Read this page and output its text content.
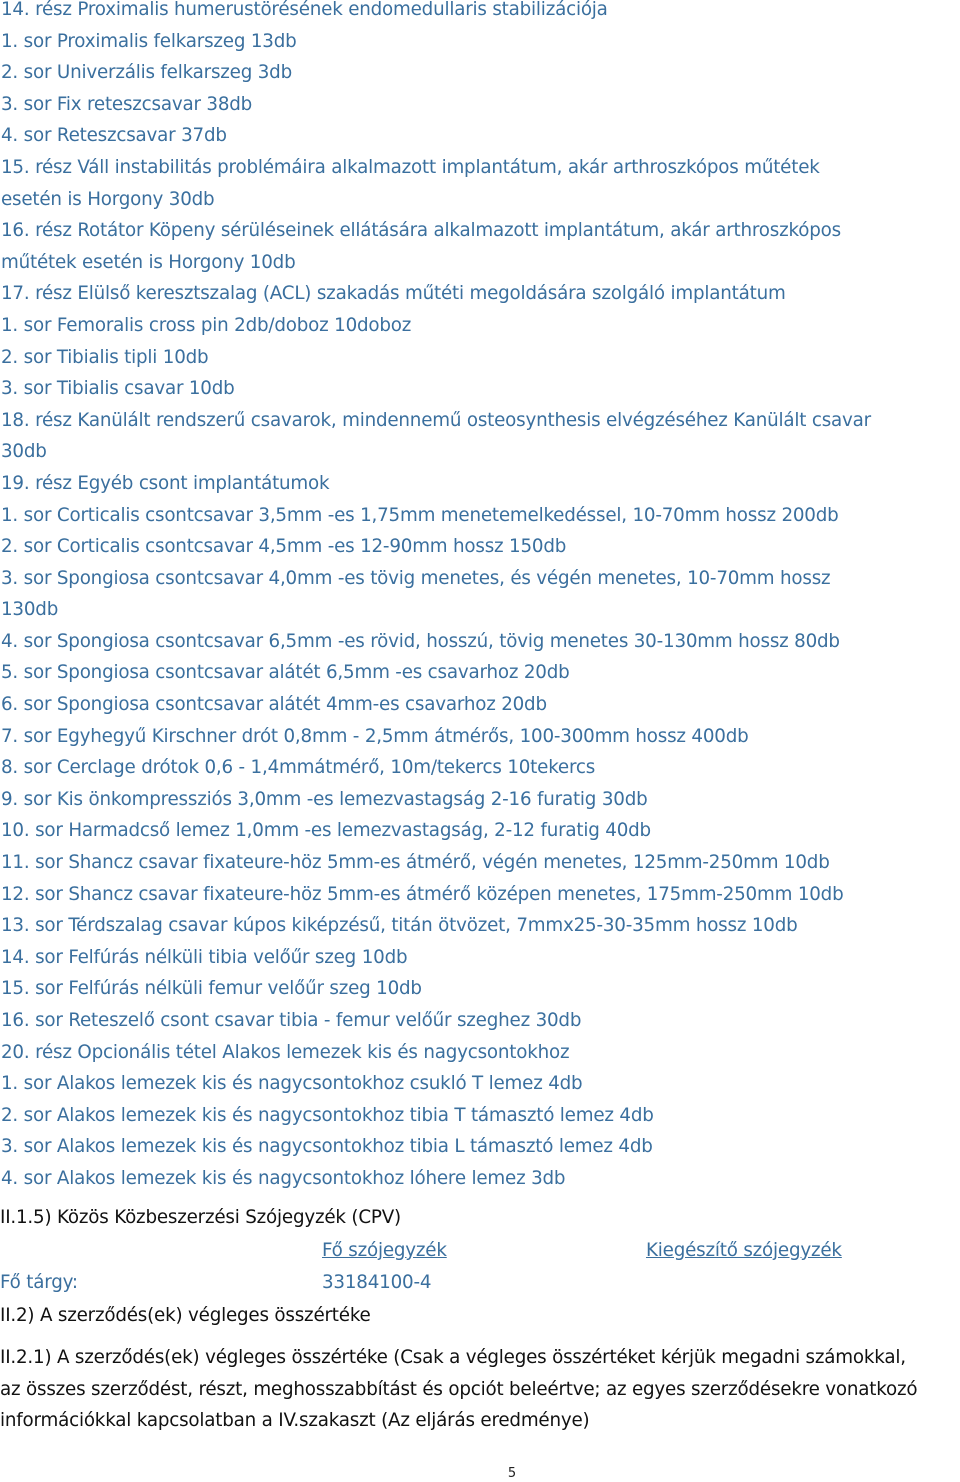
14. rész Proximalis humerustörésének endomedullaris stabilizációja
1. sor Proximalis felkarszeg 13db
2. sor Univerzális felkarszeg 3db
3. sor Fix reteszcsavar 38db
4. sor Reteszcsavar 37db
15. rész Váll instabilitás problémáira alkalmazott implantátum, akár arthroszkópos műtétek
esetén is Horgony 30db
16. rész Rotátor Köpeny sérüléseinek ellátására alkalmazott implantátum, akár arthroszkópos
műtétek esetén is Horgony 10db
17. rész Elülső keresztszalag (ACL) szakadás műtéti megoldására szolgáló implantátum
1. sor Femoralis cross pin 2db/doboz 10doboz
2. sor Tibialis tipli 10db
3. sor Tibialis csavar 10db
18. rész Kanülált rendszerű csavarok, mindennemű osteosynthesis elvégzéséhez Kanülált csavar
30db
19. rész Egyéb csont implantátumok
1. sor Corticalis csontcsavar 3,5mm -es 1,75mm menetemelkedéssel, 10-70mm hossz 200db
2. sor Corticalis csontcsavar 4,5mm -es 12-90mm hossz 150db
3. sor Spongiosa csontcsavar 4,0mm -es tövig menetes, és végén menetes, 10-70mm hossz
130db
4. sor Spongiosa csontcsavar 6,5mm -es rövid, hosszú, tövig menetes 30-130mm hossz 80db
5. sor Spongiosa csontcsavar alátét 6,5mm -es csavarhoz 20db
6. sor Spongiosa csontcsavar alátét 4mm-es csavarhoz 20db
7. sor Egyhegyű Kirschner drót 0,8mm - 2,5mm átmérős, 100-300mm hossz 400db
8. sor Cerclage drótok 0,6 - 1,4mmátmérő, 10m/tekercs 10tekercs
9. sor Kis önkompressziós 3,0mm -es lemezvastagság 2-16 furatig 30db
10. sor Harmadcső lemez 1,0mm -es lemezvastagság, 2-12 furatig 40db
11. sor Shancz csavar fixateure-höz 5mm-es átmérő, végén menetes, 125mm-250mm 10db
12. sor Shancz csavar fixateure-höz 5mm-es átmérő középen menetes, 175mm-250mm 10db
13. sor Térdszalag csavar kúpos kiképzésű, titán ötvözet, 7mmx25-30-35mm hossz 10db
14. sor Felfúrás nélküli tibia velőűr szeg 10db
15. sor Felfúrás nélküli femur velőűr szeg 10db
16. sor Reteszelő csont csavar tibia - femur velőűr szeghez 30db
20. rész Opcionális tétel Alakos lemezek kis és nagycsontokhoz
1. sor Alakos lemezek kis és nagycsontokhoz csukló T lemez 4db
2. sor Alakos lemezek kis és nagycsontokhoz tibia T támasztó lemez 4db
3. sor Alakos lemezek kis és nagycsontokhoz tibia L támasztó lemez 4db
4. sor Alakos lemezek kis és nagycsontokhoz lóhere lemez 3db
II.1.5) Közös Közbeszerzési Szójegyzék (CPV)
Fő szójegyzék	Kiegészítő szójegyzék
Fő tárgy:	33184100-4
II.2) A szerződés(ek) végleges összértéke
II.2.1) A szerződés(ek) végleges összértéke (Csak a végleges összértéket kérjük megadni számokkal, az összes szerződést, részt, meghosszabbítást és opciót beleértve; az egyes szerződésekre vonatkozó információkkal kapcsolatban a IV.szakaszt (Az eljárás eredménye)
5
